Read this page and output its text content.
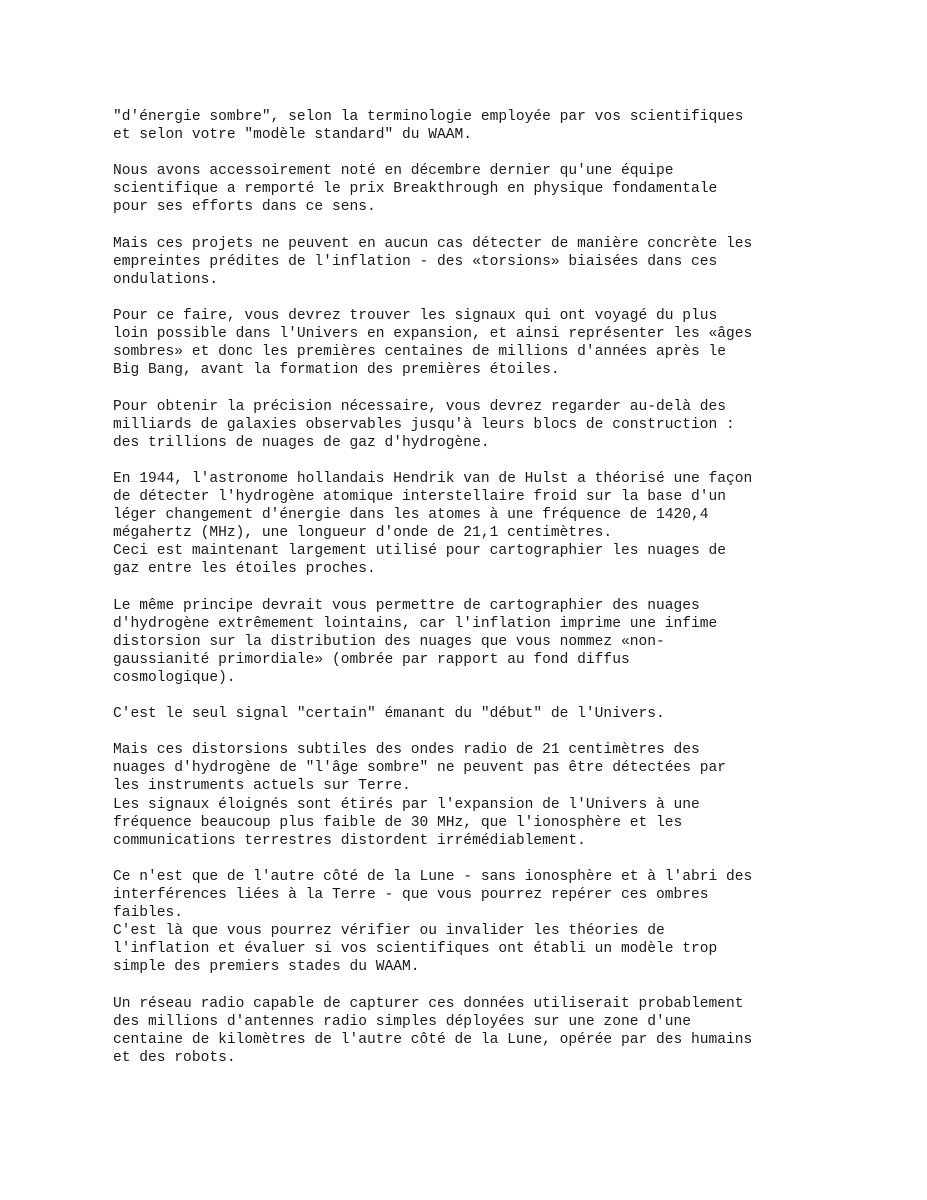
"d'énergie sombre", selon la terminologie employée par vos scientifiques
et selon votre "modèle standard" du WAAM.

Nous avons accessoirement noté en décembre dernier qu'une équipe
scientifique a remporté le prix Breakthrough en physique fondamentale
pour ses efforts dans ce sens.

Mais ces projets ne peuvent en aucun cas détecter de manière concrète les
empreintes prédites de l'inflation - des «torsions» biaisées dans ces
ondulations.

Pour ce faire, vous devrez trouver les signaux qui ont voyagé du plus
loin possible dans l'Univers en expansion, et ainsi représenter les «âges
sombres» et donc les premières centaines de millions d'années après le
Big Bang, avant la formation des premières étoiles.

Pour obtenir la précision nécessaire, vous devrez regarder au-delà des
milliards de galaxies observables jusqu'à leurs blocs de construction :
des trillions de nuages de gaz d'hydrogène.

En 1944, l'astronome hollandais Hendrik van de Hulst a théorisé une façon
de détecter l'hydrogène atomique interstellaire froid sur la base d'un
léger changement d'énergie dans les atomes à une fréquence de 1420,4
mégahertz (MHz), une longueur d'onde de 21,1 centimètres.
Ceci est maintenant largement utilisé pour cartographier les nuages de
gaz entre les étoiles proches.

Le même principe devrait vous permettre de cartographier des nuages
d'hydrogène extrêmement lointains, car l'inflation imprime une infime
distorsion sur la distribution des nuages que vous nommez «non-
gaussianité primordiale» (ombrée par rapport au fond diffus
cosmologique).

C'est le seul signal "certain" émanant du "début" de l'Univers.

Mais ces distorsions subtiles des ondes radio de 21 centimètres des
nuages d'hydrogène de "l'âge sombre" ne peuvent pas être détectées par
les instruments actuels sur Terre.
Les signaux éloignés sont étirés par l'expansion de l'Univers à une
fréquence beaucoup plus faible de 30 MHz, que l'ionosphère et les
communications terrestres distordent irrémédiablement.

Ce n'est que de l'autre côté de la Lune - sans ionosphère et à l'abri des
interférences liées à la Terre - que vous pourrez repérer ces ombres
faibles.
C'est là que vous pourrez vérifier ou invalider les théories de
l'inflation et évaluer si vos scientifiques ont établi un modèle trop
simple des premiers stades du WAAM.

Un réseau radio capable de capturer ces données utiliserait probablement
des millions d'antennes radio simples déployées sur une zone d'une
centaine de kilomètres de l'autre côté de la Lune, opérée par des humains
et des robots.
